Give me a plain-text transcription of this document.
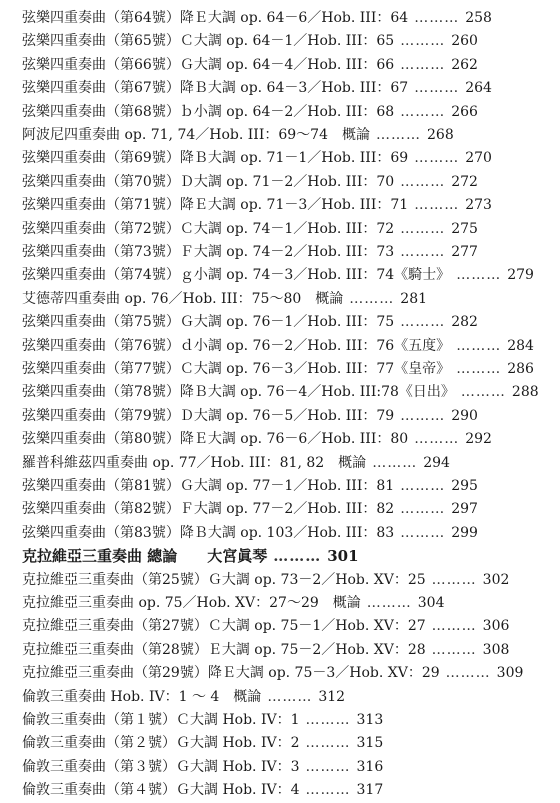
弦樂四重奏曲（第64號）降Ｅ大調 op. 64－6／Hob. III：64 ……… 258
弦樂四重奏曲（第65號）Ｃ大調 op. 64－1／Hob. III：65 ……… 260
弦樂四重奏曲（第66號）Ｇ大調 op. 64－4／Hob. III：66 ……… 262
弦樂四重奏曲（第67號）降Ｂ大調 op. 64－3／Hob. III：67 ……… 264
弦樂四重奏曲（第68號）ｂ小調 op. 64－2／Hob. III：68 ……… 266
阿波尼四重奏曲 op. 71, 74／Hob. III：69～74　概論 ……… 268
弦樂四重奏曲（第69號）降Ｂ大調 op. 71－1／Hob. III：69 ……… 270
弦樂四重奏曲（第70號）Ｄ大調 op. 71－2／Hob. III：70 ……… 272
弦樂四重奏曲（第71號）降Ｅ大調 op. 71－3／Hob. III：71 ……… 273
弦樂四重奏曲（第72號）Ｃ大調 op. 74－1／Hob. III：72 ……… 275
弦樂四重奏曲（第73號）Ｆ大調 op. 74－2／Hob. III：73 ……… 277
弦樂四重奏曲（第74號）ｇ小調 op. 74－3／Hob. III：74《騎士》 ……… 279
艾德蒂四重奏曲 op. 76／Hob. III：75～80　概論 ……… 281
弦樂四重奏曲（第75號）Ｇ大調 op. 76－1／Hob. III：75 ……… 282
弦樂四重奏曲（第76號）ｄ小調 op. 76－2／Hob. III：76《五度》 ……… 284
弦樂四重奏曲（第77號）Ｃ大調 op. 76－3／Hob. III：77《皇帝》 ……… 286
弦樂四重奏曲（第78號）降Ｂ大調 op. 76－4／Hob. III:78《日出》 ……… 288
弦樂四重奏曲（第79號）Ｄ大調 op. 76－5／Hob. III：79 ……… 290
弦樂四重奏曲（第80號）降Ｅ大調 op. 76－6／Hob. III：80 ……… 292
羅普科維茲四重奏曲 op. 77／Hob. III：81, 82　概論 ……… 294
弦樂四重奏曲（第81號）Ｇ大調 op. 77－1／Hob. III：81 ……… 295
弦樂四重奏曲（第82號）Ｆ大調 op. 77－2／Hob. III：82 ……… 297
弦樂四重奏曲（第83號）降Ｂ大調 op. 103／Hob. III：83 ……… 299
克拉維亞三重奏曲 總論　　大宮眞琴 ……… 301
克拉維亞三重奏曲（第25號）Ｇ大調 op. 73－2／Hob. XV：25 ……… 302
克拉維亞三重奏曲 op. 75／Hob. XV：27～29　概論 ……… 304
克拉維亞三重奏曲（第27號）Ｃ大調 op. 75－1／Hob. XV：27 ……… 306
克拉維亞三重奏曲（第28號）Ｅ大調 op. 75－2／Hob. XV：28 ……… 308
克拉維亞三重奏曲（第29號）降Ｅ大調 op. 75－3／Hob. XV：29 ……… 309
倫敦三重奏曲 Hob. IV：1 ～ 4　概論 ……… 312
倫敦三重奏曲（第１號）Ｃ大調 Hob. IV：1 ……… 313
倫敦三重奏曲（第２號）Ｇ大調 Hob. IV：2 ……… 315
倫敦三重奏曲（第３號）Ｇ大調 Hob. IV：3 ……… 316
倫敦三重奏曲（第４號）Ｇ大調 Hob. IV：4 ……… 317
